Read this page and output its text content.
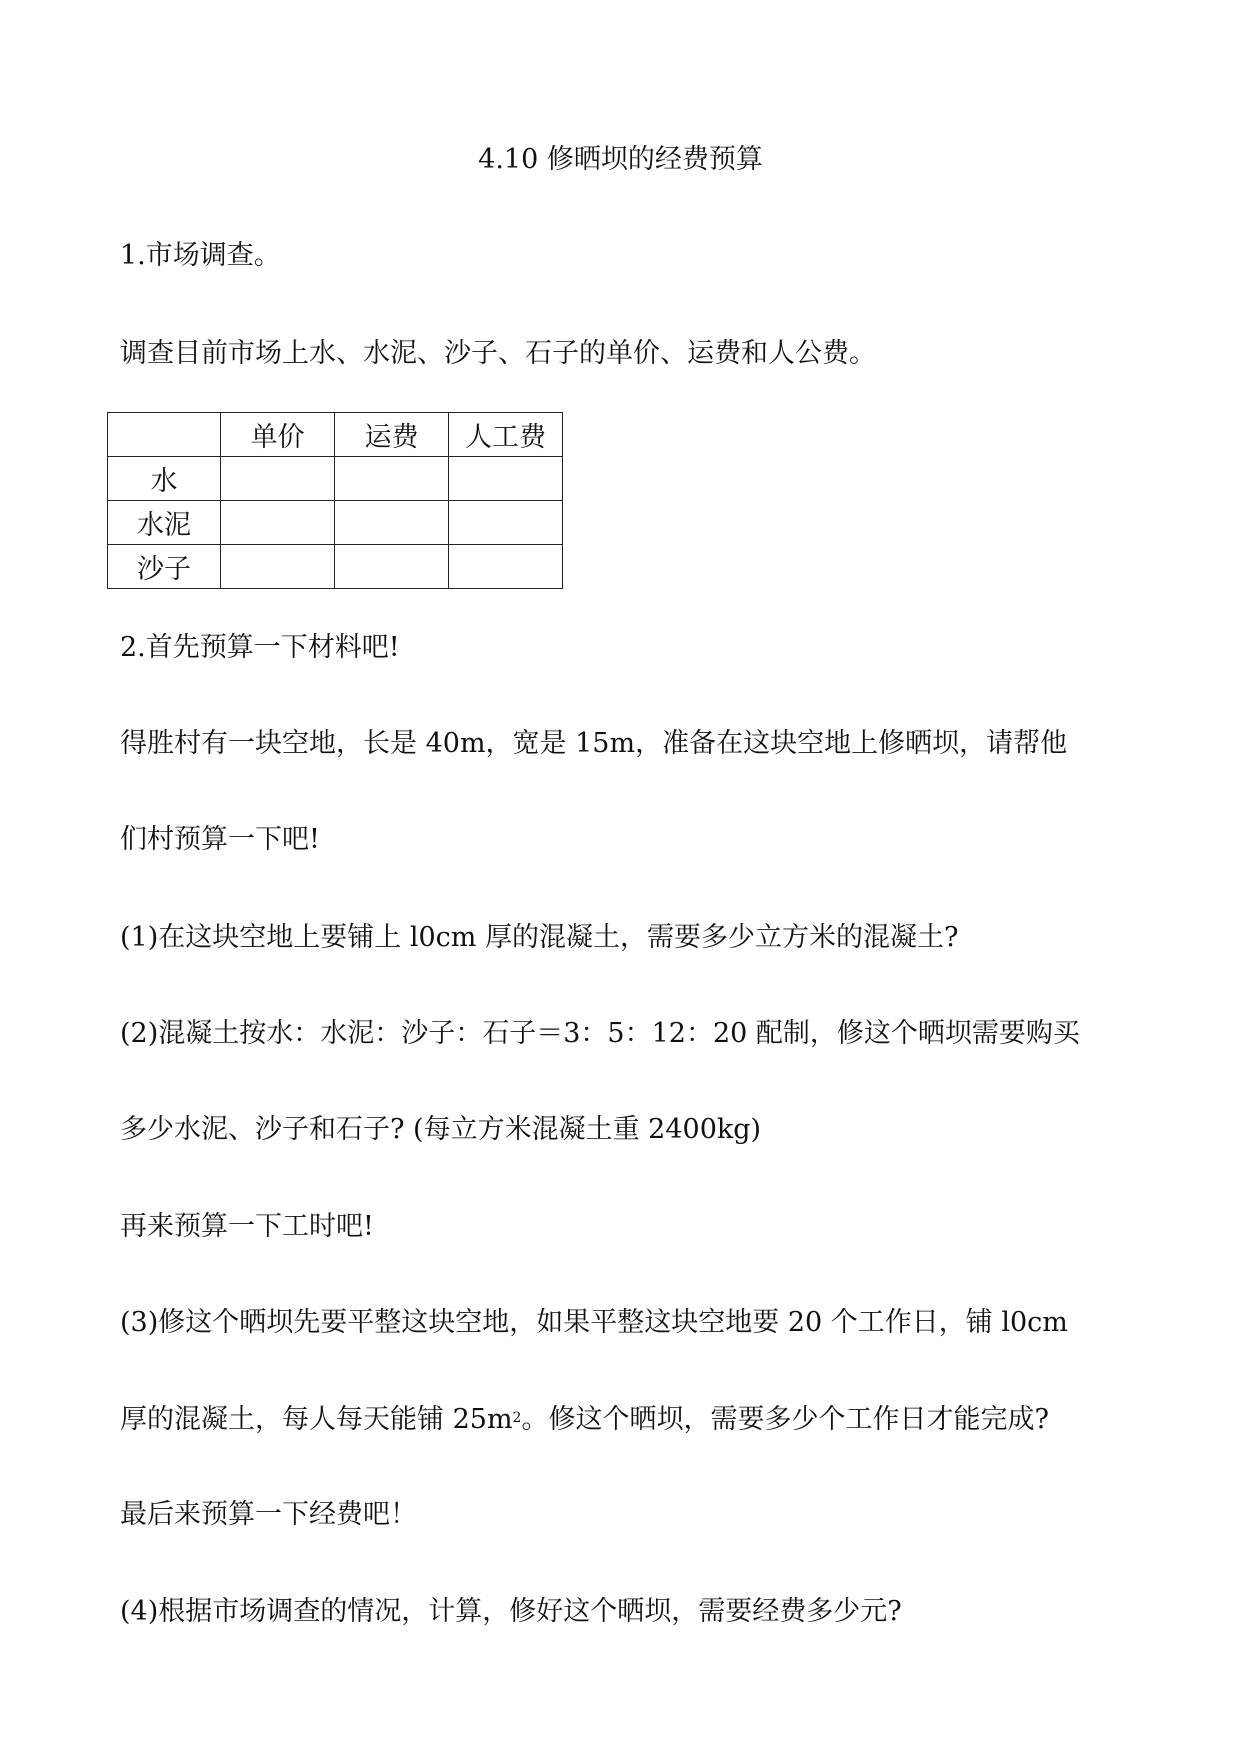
4.10 修晒坝的经费预算

1.市场调查。

调查目前市场上水、水泥、沙子、石子的单价、运费和人公费。

	单价	运费	人工费
水			
水泥			
沙子			

2.首先预算一下材料吧!

得胜村有一块空地，长是 40m，宽是 15m，准备在这块空地上修晒坝，请帮他

们村预算一下吧!

(1)在这块空地上要铺上 l0cm 厚的混凝土，需要多少立方米的混凝土?

(2)混凝土按水：水泥：沙子：石子＝3：5：12：20 配制，修这个晒坝需要购买

多少水泥、沙子和石子? (每立方米混凝土重 2400kg)

再来预算一下工时吧!

(3)修这个晒坝先要平整这块空地，如果平整这块空地要 20 个工作日，铺 l0cm

厚的混凝土，每人每天能铺 $25m^2$。修这个晒坝，需要多少个工作日才能完成?

最后来预算一下经费吧！

(4)根据市场调查的情况，计算，修好这个晒坝，需要经费多少元?
